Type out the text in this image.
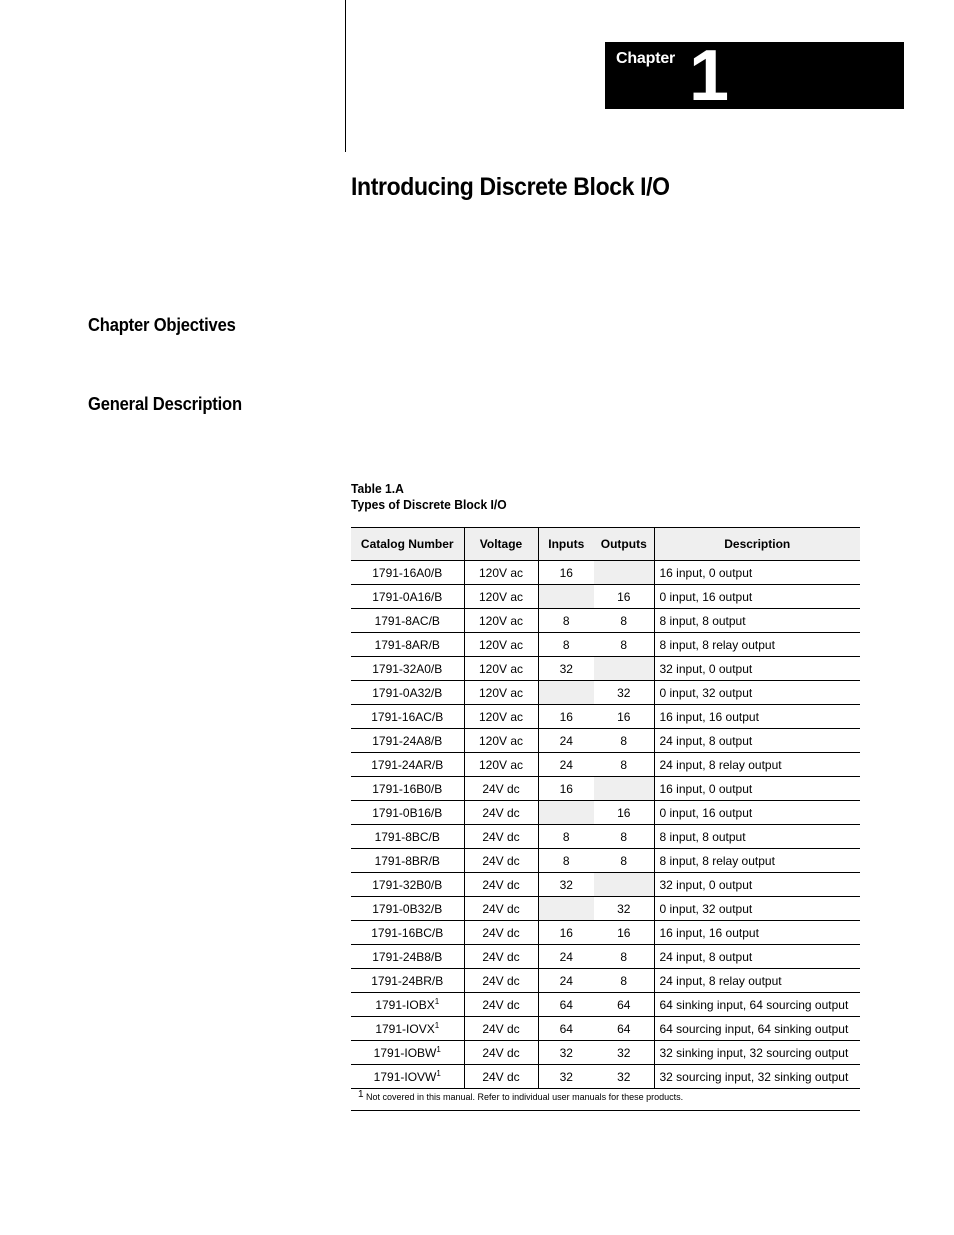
Chapter 1
Introducing Discrete Block I/O
Chapter Objectives
General Description
Table 1.A
Types of Discrete Block I/O
Catalog Number	Voltage	Inputs	Outputs	Description
1791-16A0/B	120V ac	16		16 input, 0 output
1791-0A16/B	120V ac		16	0 input, 16 output
1791-8AC/B	120V ac	8	8	8 input, 8 output
1791-8AR/B	120V ac	8	8	8 input, 8 relay output
1791-32A0/B	120V ac	32		32 input, 0 output
1791-0A32/B	120V ac		32	0 input, 32 output
1791-16AC/B	120V ac	16	16	16 input, 16 output
1791-24A8/B	120V ac	24	8	24 input, 8 output
1791-24AR/B	120V ac	24	8	24 input, 8 relay output
1791-16B0/B	24V dc	16		16 input, 0 output
1791-0B16/B	24V dc		16	0 input, 16 output
1791-8BC/B	24V dc	8	8	8 input, 8 output
1791-8BR/B	24V dc	8	8	8 input, 8 relay output
1791-32B0/B	24V dc	32		32 input, 0 output
1791-0B32/B	24V dc		32	0 input, 32 output
1791-16BC/B	24V dc	16	16	16 input, 16 output
1791-24B8/B	24V dc	24	8	24 input, 8 output
1791-24BR/B	24V dc	24	8	24 input, 8 relay output
1791-IOBX$^1$	24V dc	64	64	64 sinking input, 64 sourcing output
1791-IOVX$^1$	24V dc	64	64	64 sourcing input, 64 sinking output
1791-IOBW$^1$	24V dc	32	32	32 sinking input, 32 sourcing output
1791-IOVW$^1$	24V dc	32	32	32 sourcing input, 32 sinking output
1 Not covered in this manual. Refer to individual user manuals for these products.
